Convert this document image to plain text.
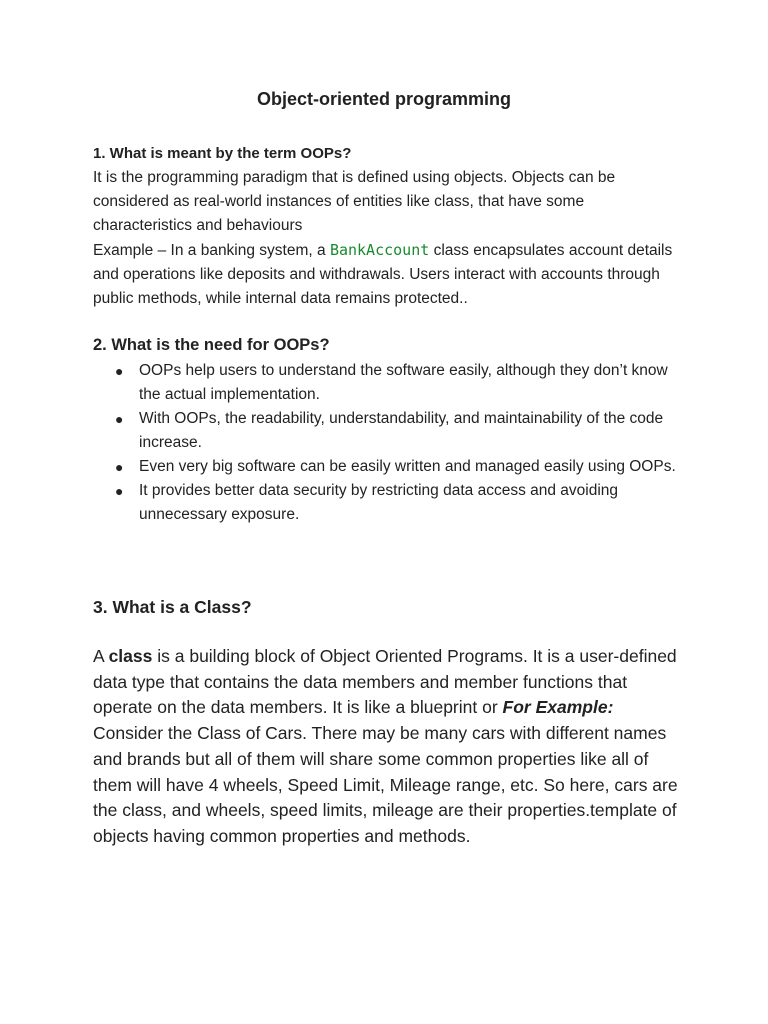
Object-oriented programming
1. What is meant by the term OOPs?

It is the programming paradigm that is defined using objects. Objects can be considered as real-world instances of entities like class, that have some characteristics and behaviours

Example – In a banking system, a BankAccount class encapsulates account details and operations like deposits and withdrawals. Users interact with accounts through public methods, while internal data remains protected..

2. What is the need for OOPs?
● OOPs help users to understand the software easily, although they don’t know the actual implementation.
● With OOPs, the readability, understandability, and maintainability of the code increase.
● Even very big software can be easily written and managed easily using OOPs.
● It provides better data security by restricting data access and avoiding unnecessary exposure.
3. What is a Class?

A class is a building block of Object Oriented Programs. It is a user-defined data type that contains the data members and member functions that operate on the data members. It is like a blueprint or For Example: Consider the Class of Cars. There may be many cars with different names and brands but all of them will share some common properties like all of them will have 4 wheels, Speed Limit, Mileage range, etc. So here, cars are the class, and wheels, speed limits, mileage are their properties.template of objects having common properties and methods.
